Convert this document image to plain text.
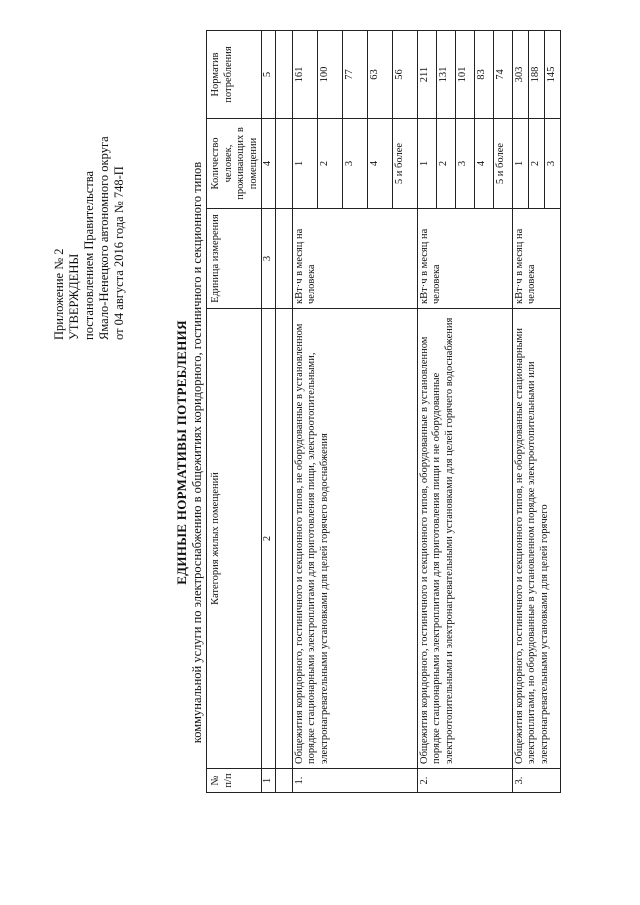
Приложение № 2 УТВЕРЖДЕНЫ постановлением Правительства Ямало-Ненецкого автономного округа от 04 августа 2016 года № 748-П
ЕДИНЫЕ НОРМАТИВЫ ПОТРЕБЛЕНИЯ коммунальной услуги по электроснабжению в общежитиях коридорного, гостиничного и секционного типов
№ п/п	Категория жилых помещений	Единица измерения	Количество человек, проживающих в помещении	Норматив потребления
1	2	3	4	5

1.	Общежития коридорного, гостиничного и секционного типов, не оборудованные в установленном порядке стационарными электроплитами для приготовления пищи, электроотопительными, электронагревательными установками для целей горячего водоснабжения	кВт·ч в месяц на человека	1	161
			2	100
			3	77
			4	63
			5 и более	56
2.	Общежития коридорного, гостиничного и секционного типов, оборудованные в установленном порядке стационарными электроплитами для приготовления пищи и не оборудованные электроотопительными и электронагревательными установками для целей горячего водоснабжения	кВт·ч в месяц на человека	1	211
			2	131
			3	101
			4	83
			5 и более	74
3.	Общежития коридорного, гостиничного и секционного типов, не оборудованные стационарными электроплитами, но оборудованные в установленном порядке электроотопительными или электронагревательными установками для целей горячего	кВт·ч в месяц на человека	1	303
			2	188
			3	145
